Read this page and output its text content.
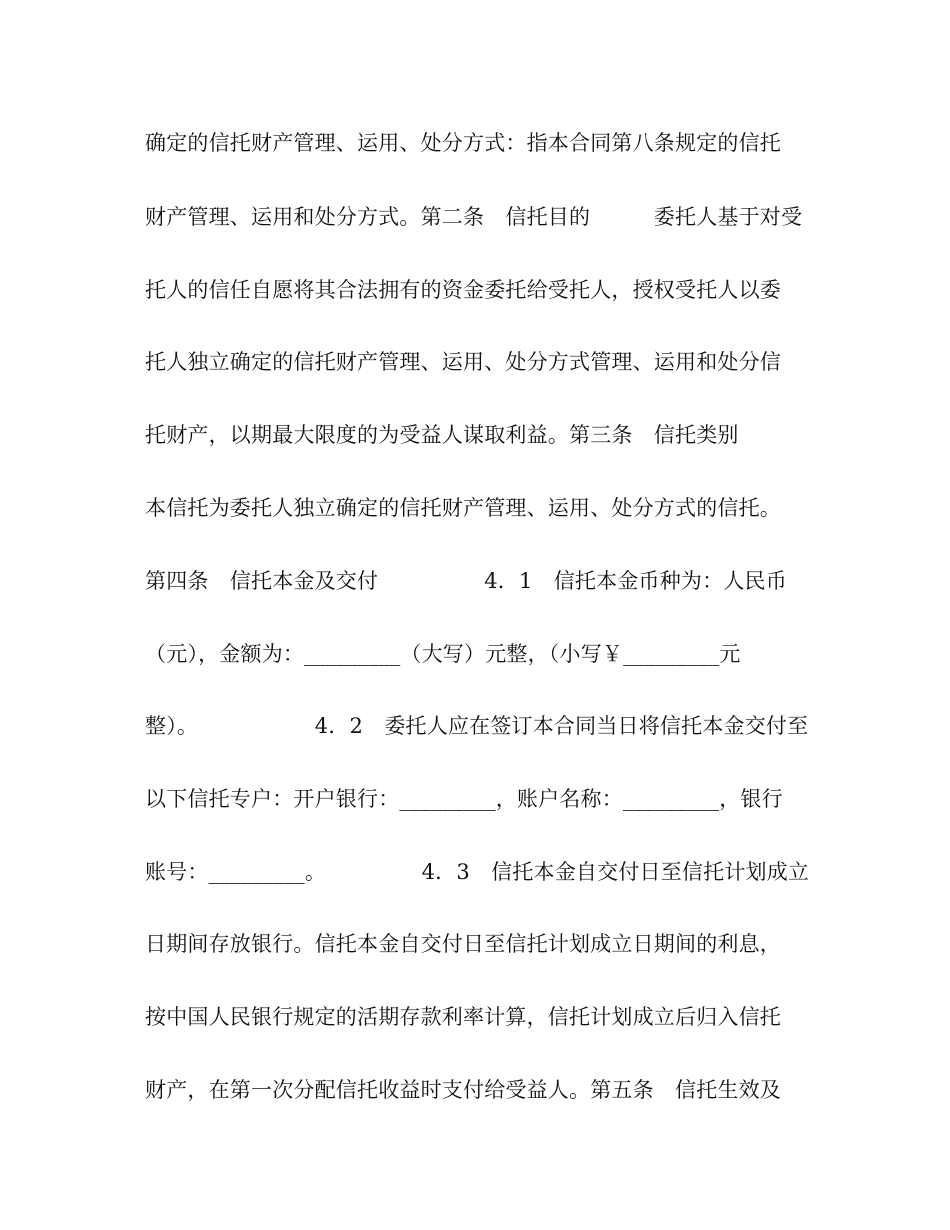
确定的信托财产管理、运用、处分方式：指本合同第八条规定的信托
财产管理、运用和处分方式。第二条　信托目的　　　委托人基于对受
托人的信任自愿将其合法拥有的资金委托给受托人，授权受托人以委
托人独立确定的信托财产管理、运用、处分方式管理、运用和处分信
托财产，以期最大限度的为受益人谋取利益。第三条　信托类别
本信托为委托人独立确定的信托财产管理、运用、处分方式的信托。
第四条　信托本金及交付　　　　　4．1　信托本金币种为：人民币
（元），金额为：_________（大写）元整，（小写￥_________元
整）。　　　　　　4．2　委托人应在签订本合同当日将信托本金交付至
以下信托专户：开户银行：_________，账户名称：_________，银行
账号：_________。　　　　　4．3　信托本金自交付日至信托计划成立
日期间存放银行。信托本金自交付日至信托计划成立日期间的利息，
按中国人民银行规定的活期存款利率计算，信托计划成立后归入信托
财产，在第一次分配信托收益时支付给受益人。第五条　信托生效及
